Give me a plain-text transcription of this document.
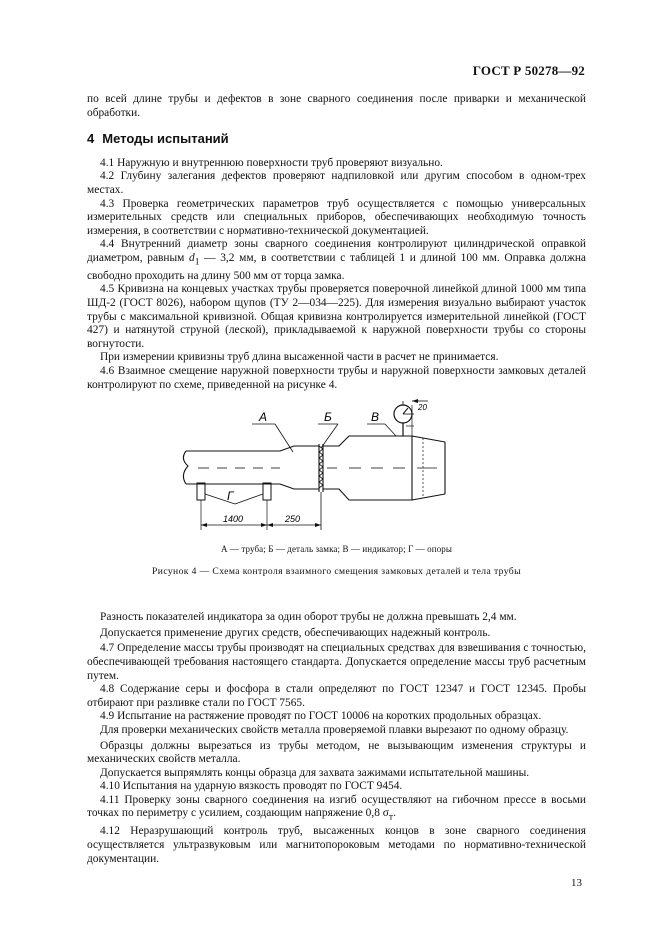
ГОСТ Р 50278—92

по всей длине трубы и дефектов в зоне сварного соединения после приварки и механической обработки.

4 Методы испытаний

4.1 Наружную и внутреннюю поверхности труб проверяют визуально.

4.2 Глубину залегания дефектов проверяют надпиловкой или другим способом в одном-трех местах.

4.3 Проверка геометрических параметров труб осуществляется с помощью универсальных измерительных средств или специальных приборов, обеспечивающих необходимую точность измерения, в соответствии с нормативно-технической документацией.

4.4 Внутренний диаметр зоны сварного соединения контролируют цилиндрической оправкой диаметром, равным $d_1$ — 3,2 мм, в соответствии с таблицей 1 и длиной 100 мм. Оправка должна свободно проходить на длину 500 мм от торца замка.

4.5 Кривизна на концевых участках трубы проверяется поверочной линейкой длиной 1000 мм типа ШД-2 (ГОСТ 8026), набором щупов (ТУ 2—034—225). Для измерения визуально выбирают участок трубы с максимальной кривизной. Общая кривизна контролируется измерительной линейкой (ГОСТ 427) и натянутой струной (леской), прикладываемой к наружной поверхности трубы со стороны вогнутости.

При измерении кривизны труб длина высаженной части в расчет не принимается.

4.6 Взаимное смещение наружной поверхности трубы и наружной поверхности замковых деталей контролируют по схеме, приведенной на рисунке 4.

А	Б	В
Г
1400	250
20
А — труба; Б — деталь замка; В — индикатор; Г — опоры
Рисунок 4 — Схема контроля взаимного смещения замковых деталей и тела трубы

Разность показателей индикатора за один оборот трубы не должна превышать 2,4 мм.

Допускается применение других средств, обеспечивающих надежный контроль.

4.7 Определение массы трубы производят на специальных средствах для взвешивания с точностью, обеспечивающей требования настоящего стандарта. Допускается определение массы труб расчетным путем.

4.8 Содержание серы и фосфора в стали определяют по ГОСТ 12347 и ГОСТ 12345. Пробы отбирают при разливке стали по ГОСТ 7565.

4.9 Испытание на растяжение проводят по ГОСТ 10006 на коротких продольных образцах.

Для проверки механических свойств металла проверяемой плавки вырезают по одному образцу.

Образцы должны вырезаться из трубы методом, не вызывающим изменения структуры и механических свойств металла.

Допускается выпрямлять концы образца для захвата зажимами испытательной машины.

4.10 Испытания на ударную вязкость проводят по ГОСТ 9454.

4.11 Проверку зоны сварного соединения на изгиб осуществляют на гибочном прессе в восьми точках по периметру с усилием, создающим напряжение 0,8 $\sigma_т$.

4.12 Неразрушающий контроль труб, высаженных концов в зоне сварного соединения осуществляется ультразвуковым или магнитопороковым методами по нормативно-технической документации.

13
